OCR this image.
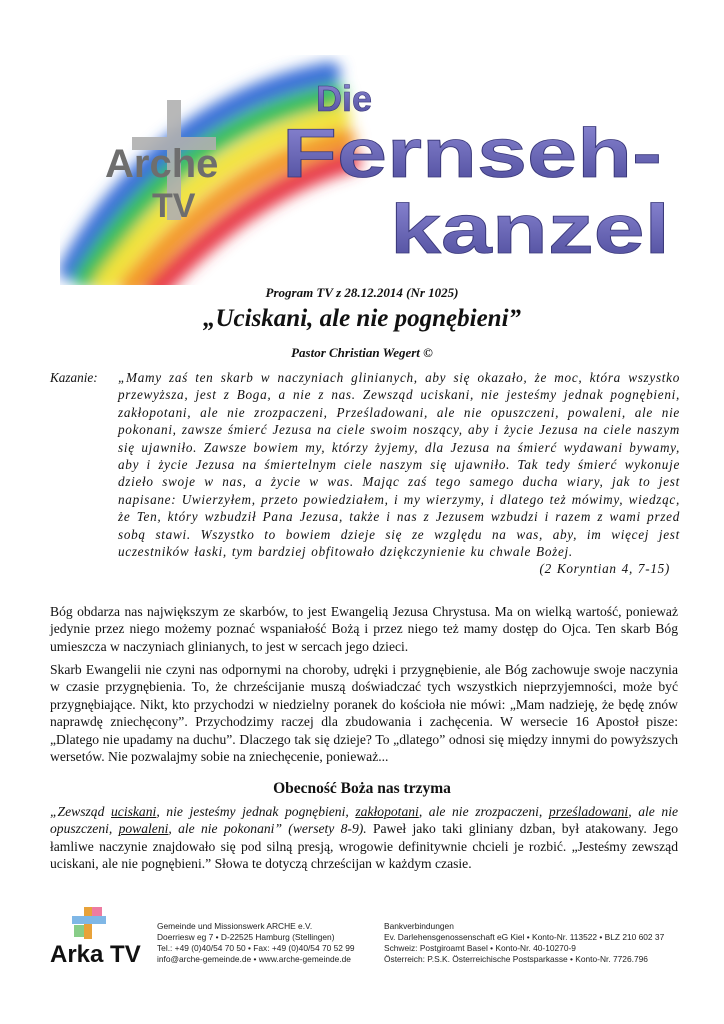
Arche
TV
Die
Fernseh-
kanzel
Program TV z 28.12.2014 (Nr 1025)
„Uciskani, ale nie pognębieni”
Pastor Christian Wegert ©
Kazanie: „Mamy zaś ten skarb w naczyniach glinianych, aby się okazało, że moc, która wszystko przewyższa, jest z Boga, a nie z nas. Zewsząd uciskani, nie jesteśmy jednak pognębieni, zakłopotani, ale nie zrozpaczeni, Prześladowani, ale nie opuszczeni, powaleni, ale nie pokonani, zawsze śmierć Jezusa na ciele swoim noszący, aby i życie Jezusa na ciele naszym się ujawniło. Zawsze bowiem my, którzy żyjemy, dla Jezusa na śmierć wydawani bywamy, aby i życie Jezusa na śmiertelnym ciele naszym się ujawniło. Tak tedy śmierć wykonuje dzieło swoje w nas, a życie w was. Mając zaś tego samego ducha wiary, jak to jest napisane: Uwierzyłem, przeto powiedziałem, i my wierzymy, i dlatego też mówimy, wiedząc, że Ten, który wzbudził Pana Jezusa, także i nas z Jezusem wzbudzi i razem z wami przed sobą stawi. Wszystko to bowiem dzieje się ze względu na was, aby, im więcej jest uczestników łaski, tym bardziej obfitowało dziękczynienie ku chwale Bożej.
(2 Koryntian 4, 7-15)
Bóg obdarza nas największym ze skarbów, to jest Ewangelią Jezusa Chrystusa. Ma on wielką wartość, ponieważ jedynie przez niego możemy poznać wspaniałość Bożą i przez niego też mamy dostęp do Ojca. Ten skarb Bóg umieszcza w naczyniach glinianych, to jest w sercach jego dzieci.
Skarb Ewangelii nie czyni nas odpornymi na choroby, udręki i przygnębienie, ale Bóg zachowuje swoje naczynia w czasie przygnębienia. To, że chrześcijanie muszą doświadczać tych wszystkich nieprzyjemności, może być przygnębiające. Nikt, kto przychodzi w niedzielny poranek do kościoła nie mówi: „Mam nadzieję, że będę znów naprawdę zniechęcony”. Przychodzimy raczej dla zbudowania i zachęcenia. W wersecie 16 Apostoł pisze: „Dlatego nie upadamy na duchu”. Dlaczego tak się dzieje? To „dlatego” odnosi się między innymi do powyższych wersetów. Nie pozwalajmy sobie na zniechęcenie, ponieważ...
Obecność Boża nas trzyma
„Zewsząd uciskani, nie jesteśmy jednak pognębieni, zakłopotani, ale nie zrozpaczeni, prześladowani, ale nie opuszczeni, powaleni, ale nie pokonani” (wersety 8-9). Paweł jako taki gliniany dzban, był atakowany. Jego łamliwe naczynie znajdowało się pod silną presją, wrogowie definitywnie chcieli je rozbić. „Jesteśmy zewsząd uciskani, ale nie pognębieni.” Słowa te dotyczą chrześcijan w każdym czasie.
Arka TV
Gemeinde und Missionswerk ARCHE e.V.
Doerriesw eg 7 • D-22525 Hamburg (Stellingen)
Tel.: +49 (0)40/54 70 50 • Fax: +49 (0)40/54 70 52 99
info@arche-gemeinde.de • www.arche-gemeinde.de
Bankverbindungen
Ev. Darlehensgenossenschaft eG Kiel • Konto-Nr. 113522 • BLZ 210 602 37
Schweiz: Postgiroamt Basel • Konto-Nr. 40-10270-9
Österreich: P.S.K. Österreichische Postsparkasse • Konto-Nr. 7726.796
